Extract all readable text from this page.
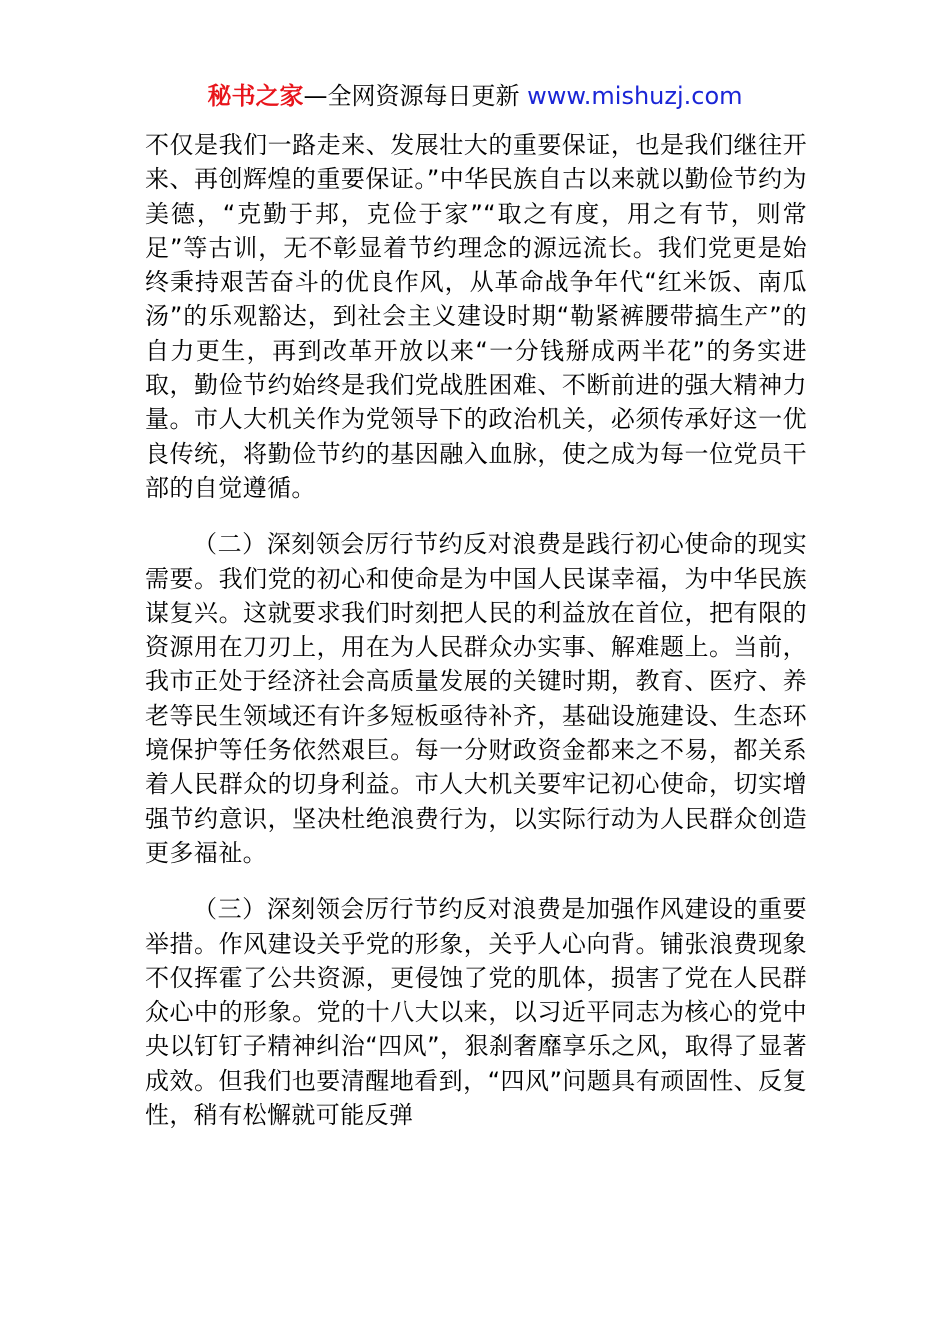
秘书之家—全网资源每日更新 www.mishuzj.com

不仅是我们一路走来、发展壮大的重要保证，也是我们继往开来、再创辉煌的重要保证。”中华民族自古以来就以勤俭节约为美德，“克勤于邦，克俭于家”“取之有度，用之有节，则常足”等古训，无不彰显着节约理念的源远流长。我们党更是始终秉持艰苦奋斗的优良作风，从革命战争年代“红米饭、南瓜汤”的乐观豁达，到社会主义建设时期“勒紧裤腰带搞生产”的自力更生，再到改革开放以来“一分钱掰成两半花”的务实进取，勤俭节约始终是我们党战胜困难、不断前进的强大精神力量。市人大机关作为党领导下的政治机关，必须传承好这一优良传统，将勤俭节约的基因融入血脉，使之成为每一位党员干部的自觉遵循。

（二）深刻领会厉行节约反对浪费是践行初心使命的现实需要。我们党的初心和使命是为中国人民谋幸福，为中华民族谋复兴。这就要求我们时刻把人民的利益放在首位，把有限的资源用在刀刃上，用在为人民群众办实事、解难题上。当前，我市正处于经济社会高质量发展的关键时期，教育、医疗、养老等民生领域还有许多短板亟待补齐，基础设施建设、生态环境保护等任务依然艰巨。每一分财政资金都来之不易，都关系着人民群众的切身利益。市人大机关要牢记初心使命，切实增强节约意识，坚决杜绝浪费行为，以实际行动为人民群众创造更多福祉。

（三）深刻领会厉行节约反对浪费是加强作风建设的重要举措。作风建设关乎党的形象，关乎人心向背。铺张浪费现象不仅挥霍了公共资源，更侵蚀了党的肌体，损害了党在人民群众心中的形象。党的十八大以来，以习近平同志为核心的党中央以钉钉子精神纠治“四风”，狠刹奢靡享乐之风，取得了显著成效。但我们也要清醒地看到，“四风”问题具有顽固性、反复性，稍有松懈就可能反弹
